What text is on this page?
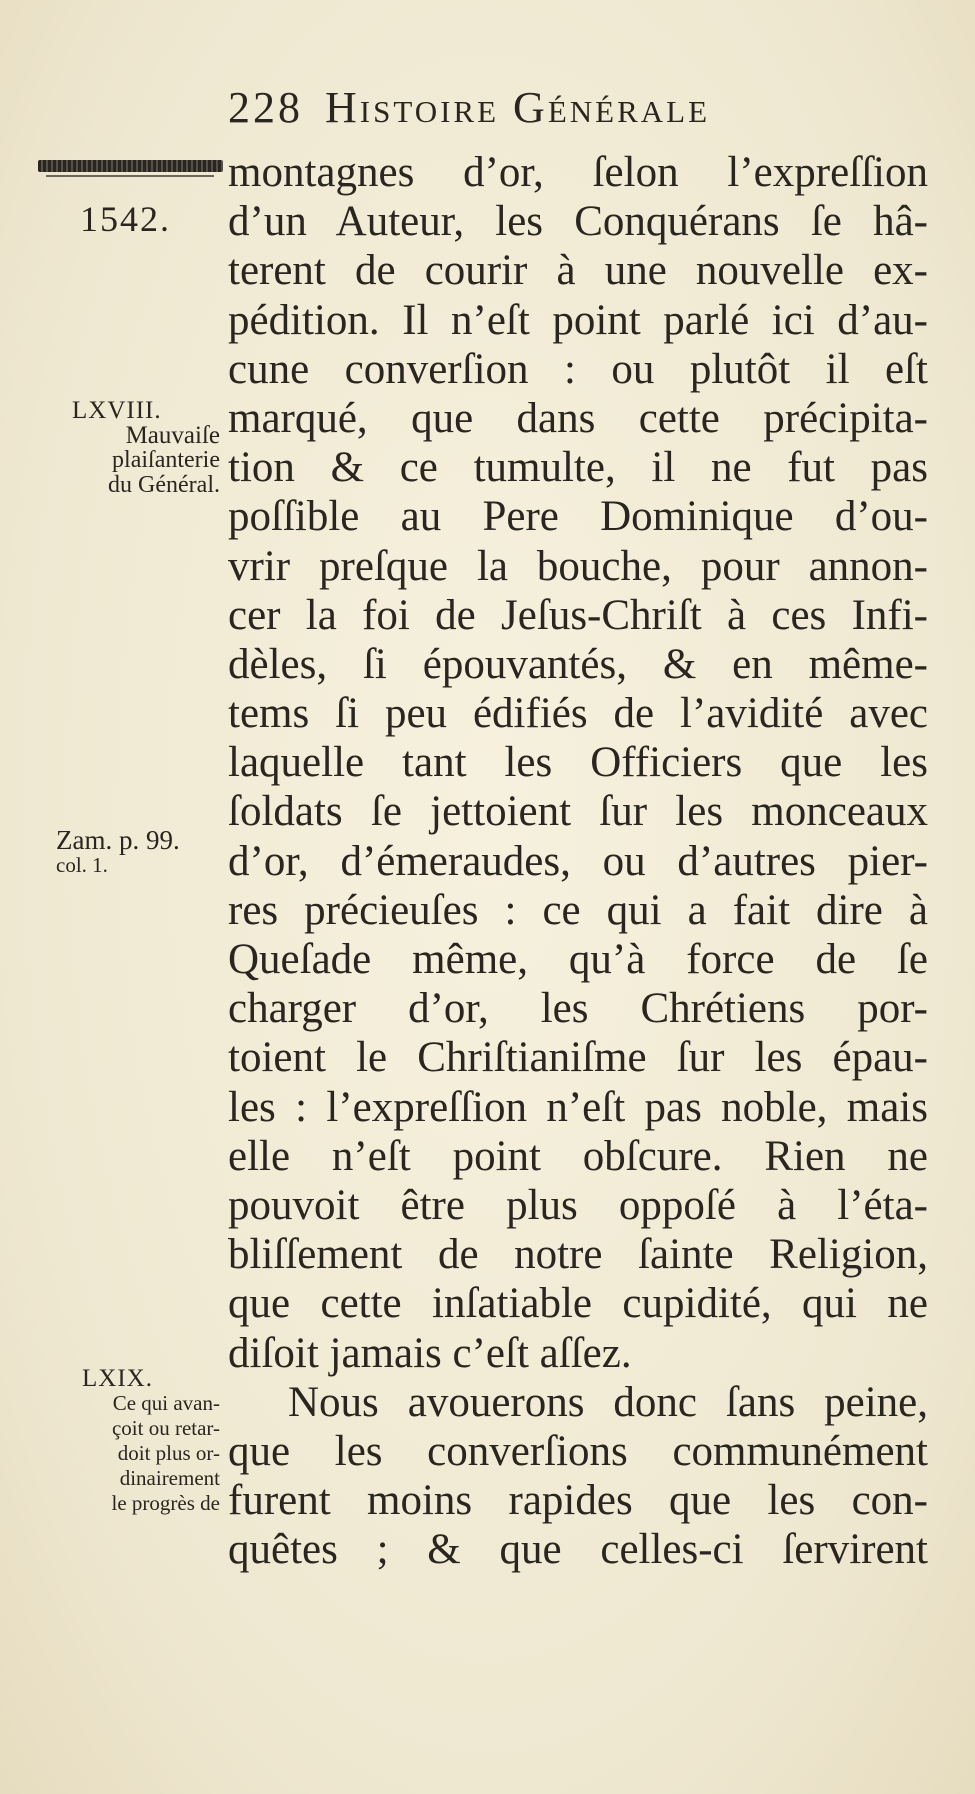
228 Histoire Générale
1542.
LXVIII.
Mauvaiſe
plaiſanterie
du Général.
Zam. p. 99.
col. 1.
LXIX.
Ce qui avan-
çoit ou retar-
doit plus or-
dinairement
le progrès de
montagnes d’or, ſelon l’expreſſion
d’un Auteur, les Conquérans ſe hâ-
terent de courir à une nouvelle ex-
pédition. Il n’eſt point parlé ici d’au-
cune converſion : ou plutôt il eſt
marqué, que dans cette précipita-
tion & ce tumulte, il ne fut pas
poſſible au Pere Dominique d’ou-
vrir preſque la bouche, pour annon-
cer la foi de Jeſus-Chriſt à ces Infi-
dèles, ſi épouvantés, & en même-
tems ſi peu édifiés de l’avidité avec
laquelle tant les Officiers que les
ſoldats ſe jettoient ſur les monceaux
d’or, d’émeraudes, ou d’autres pier-
res précieuſes : ce qui a fait dire à
Queſade même, qu’à force de ſe
charger d’or, les Chrétiens por-
toient le Chriſtianiſme ſur les épau-
les : l’expreſſion n’eſt pas noble, mais
elle n’eſt point obſcure. Rien ne
pouvoit être plus oppoſé à l’éta-
bliſſement de notre ſainte Religion,
que cette inſatiable cupidité, qui ne
diſoit jamais c’eſt aſſez.
Nous avouerons donc ſans peine,
que les converſions communément
furent moins rapides que les con-
quêtes ; & que celles-ci ſervirent
